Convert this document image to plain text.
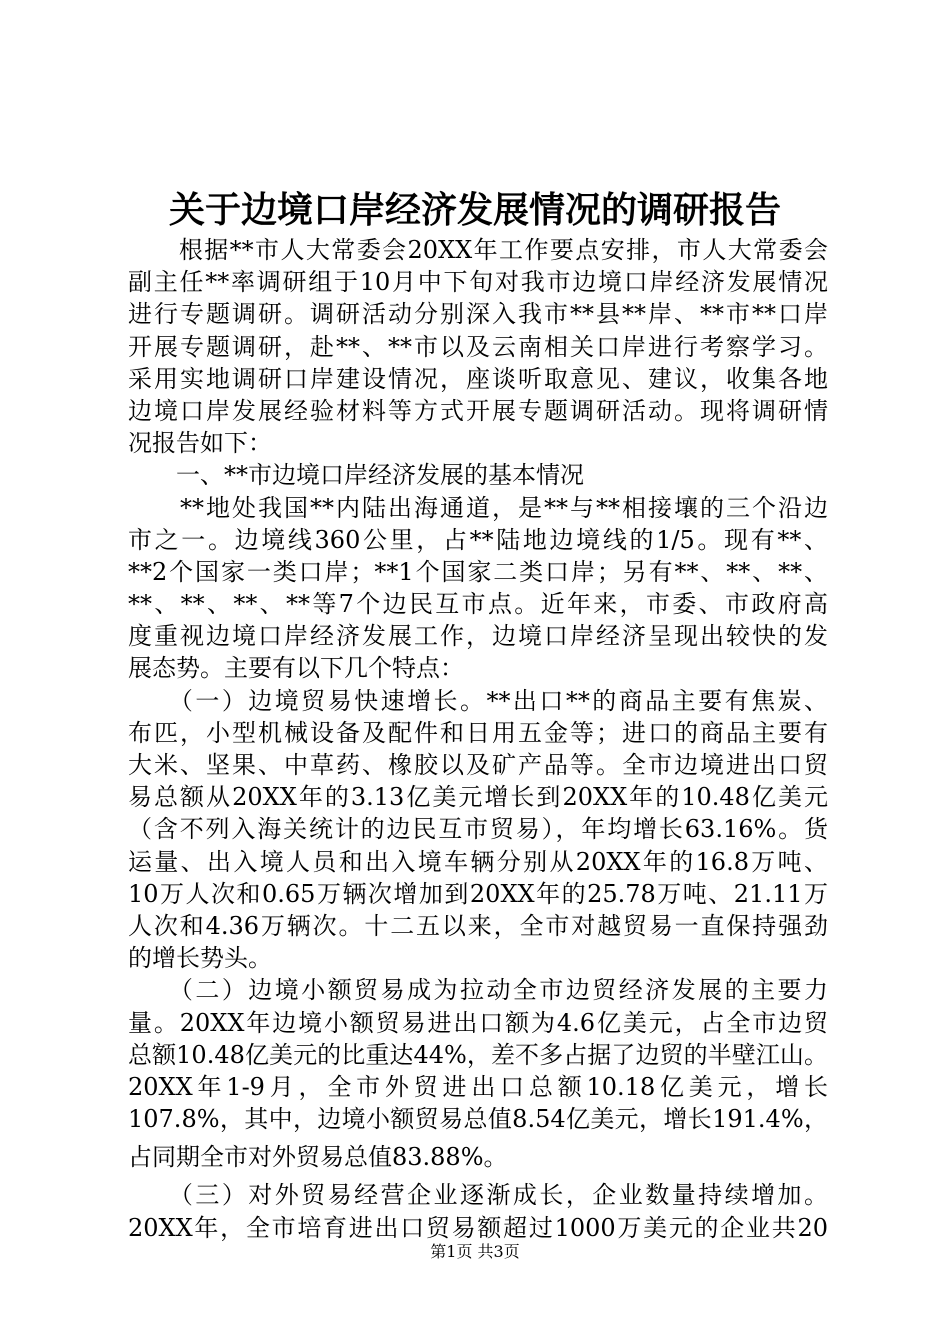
关于边境口岸经济发展情况的调研报告
　　根据**市人大常委会20XX年工作要点安排，市人大常委会
副主任**率调研组于10月中下旬对我市边境口岸经济发展情况
进行专题调研。调研活动分别深入我市**县**岸、**市**口岸
开展专题调研，赴**、**市以及云南相关口岸进行考察学习。
采用实地调研口岸建设情况，座谈听取意见、建议，收集各地
边境口岸发展经验材料等方式开展专题调研活动。现将调研情
况报告如下：
　　一、**市边境口岸经济发展的基本情况
　　**地处我国**内陆出海通道，是**与**相接壤的三个沿边
市之一。边境线360公里，占**陆地边境线的1/5。现有**、
**2个国家一类口岸；**1个国家二类口岸；另有**、**、**、
**、**、**、**等7个边民互市点。近年来，市委、市政府高
度重视边境口岸经济发展工作，边境口岸经济呈现出较快的发
展态势。主要有以下几个特点：
　　（一）边境贸易快速增长。**出口**的商品主要有焦炭、
布匹，小型机械设备及配件和日用五金等；进口的商品主要有
大米、坚果、中草药、橡胶以及矿产品等。全市边境进出口贸
易总额从20XX年的3.13亿美元增长到20XX年的10.48亿美元
（含不列入海关统计的边民互市贸易），年均增长63.16%。货
运量、出入境人员和出入境车辆分别从20XX年的16.8万吨、
10万人次和0.65万辆次增加到20XX年的25.78万吨、21.11万
人次和4.36万辆次。十二五以来，全市对越贸易一直保持强劲
的增长势头。
　　（二）边境小额贸易成为拉动全市边贸经济发展的主要力
量。20XX年边境小额贸易进出口额为4.6亿美元，占全市边贸
总额10.48亿美元的比重达44%，差不多占据了边贸的半壁江山。
20XX年1-9月，全市外贸进出口总额10.18亿美元，增长
107.8%，其中，边境小额贸易总值8.54亿美元，增长191.4%，
占同期全市对外贸易总值83.88%。
　　（三）对外贸易经营企业逐渐成长，企业数量持续增加。
20XX年，全市培育进出口贸易额超过1000万美元的企业共20
第1页 共3页
